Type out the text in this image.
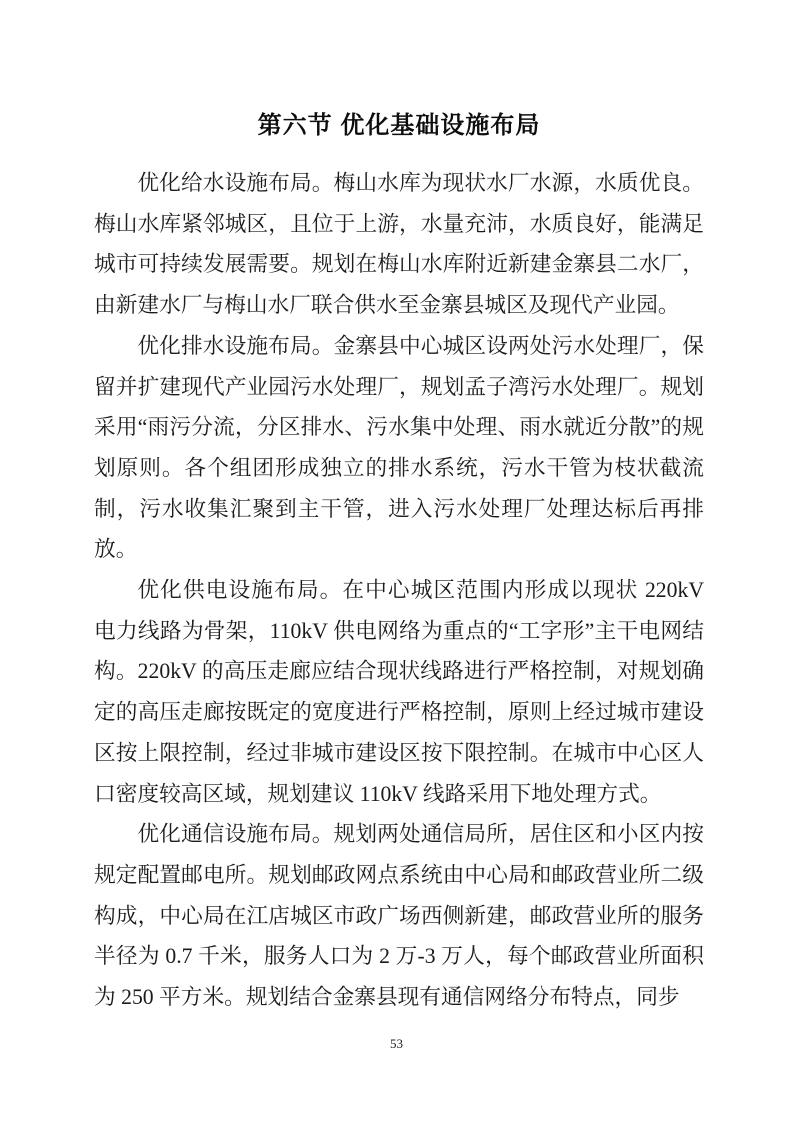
第六节 优化基础设施布局

优化给水设施布局。梅山水库为现状水厂水源，水质优良。梅山水库紧邻城区，且位于上游，水量充沛，水质良好，能满足城市可持续发展需要。规划在梅山水库附近新建金寨县二水厂，由新建水厂与梅山水厂联合供水至金寨县城区及现代产业园。

优化排水设施布局。金寨县中心城区设两处污水处理厂，保留并扩建现代产业园污水处理厂，规划孟子湾污水处理厂。规划采用“雨污分流，分区排水、污水集中处理、雨水就近分散”的规划原则。各个组团形成独立的排水系统，污水干管为枝状截流制，污水收集汇聚到主干管，进入污水处理厂处理达标后再排放。

优化供电设施布局。在中心城区范围内形成以现状 220kV 电力线路为骨架，110kV 供电网络为重点的“工字形”主干电网结构。220kV 的高压走廊应结合现状线路进行严格控制，对规划确定的高压走廊按既定的宽度进行严格控制，原则上经过城市建设区按上限控制，经过非城市建设区按下限控制。在城市中心区人口密度较高区域，规划建议 110kV 线路采用下地处理方式。

优化通信设施布局。规划两处通信局所，居住区和小区内按规定配置邮电所。规划邮政网点系统由中心局和邮政营业所二级构成，中心局在江店城区市政广场西侧新建，邮政营业所的服务半径为 0.7 千米，服务人口为 2 万-3 万人，每个邮政营业所面积为 250 平方米。规划结合金寨县现有通信网络分布特点，同步

53
